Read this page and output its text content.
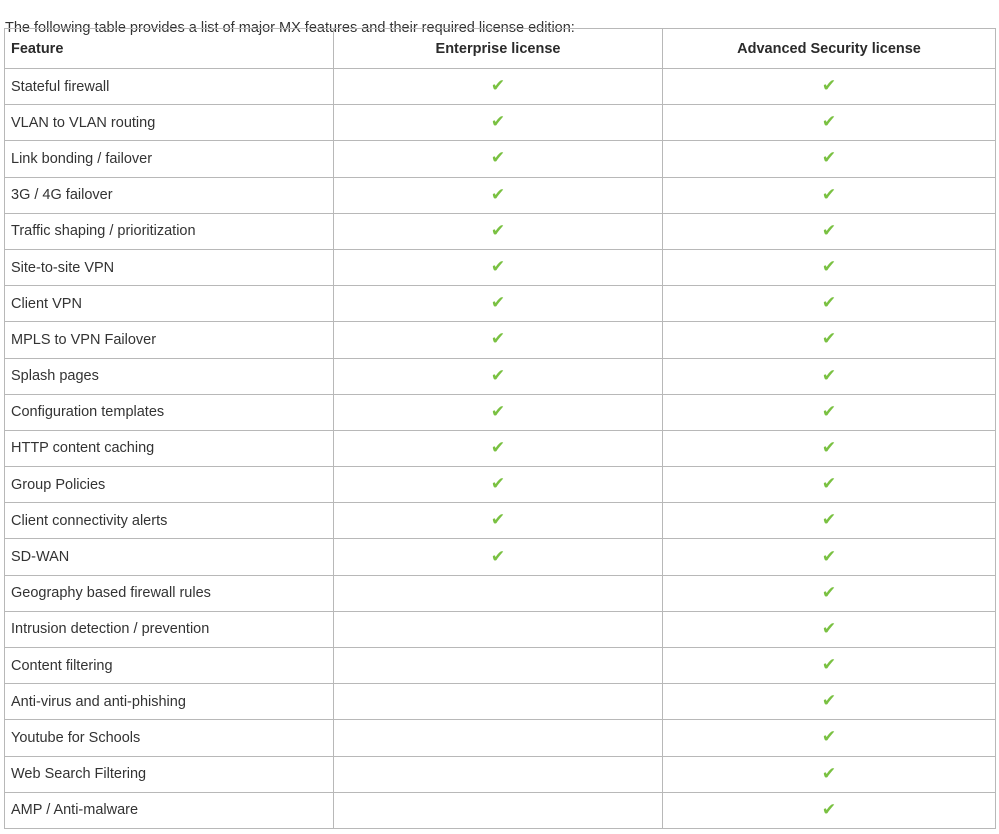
The following table provides a list of major MX features and their required license edition:

Feature	Enterprise license	Advanced Security license
Stateful firewall	✔	✔
VLAN to VLAN routing	✔	✔
Link bonding / failover	✔	✔
3G / 4G failover	✔	✔
Traffic shaping / prioritization	✔	✔
Site-to-site VPN	✔	✔
Client VPN	✔	✔
MPLS to VPN Failover	✔	✔
Splash pages	✔	✔
Configuration templates	✔	✔
HTTP content caching	✔	✔
Group Policies	✔	✔
Client connectivity alerts	✔	✔
SD-WAN	✔	✔
Geography based firewall rules		✔
Intrusion detection / prevention		✔
Content filtering		✔
Anti-virus and anti-phishing		✔
Youtube for Schools		✔
Web Search Filtering		✔
AMP / Anti-malware		✔
